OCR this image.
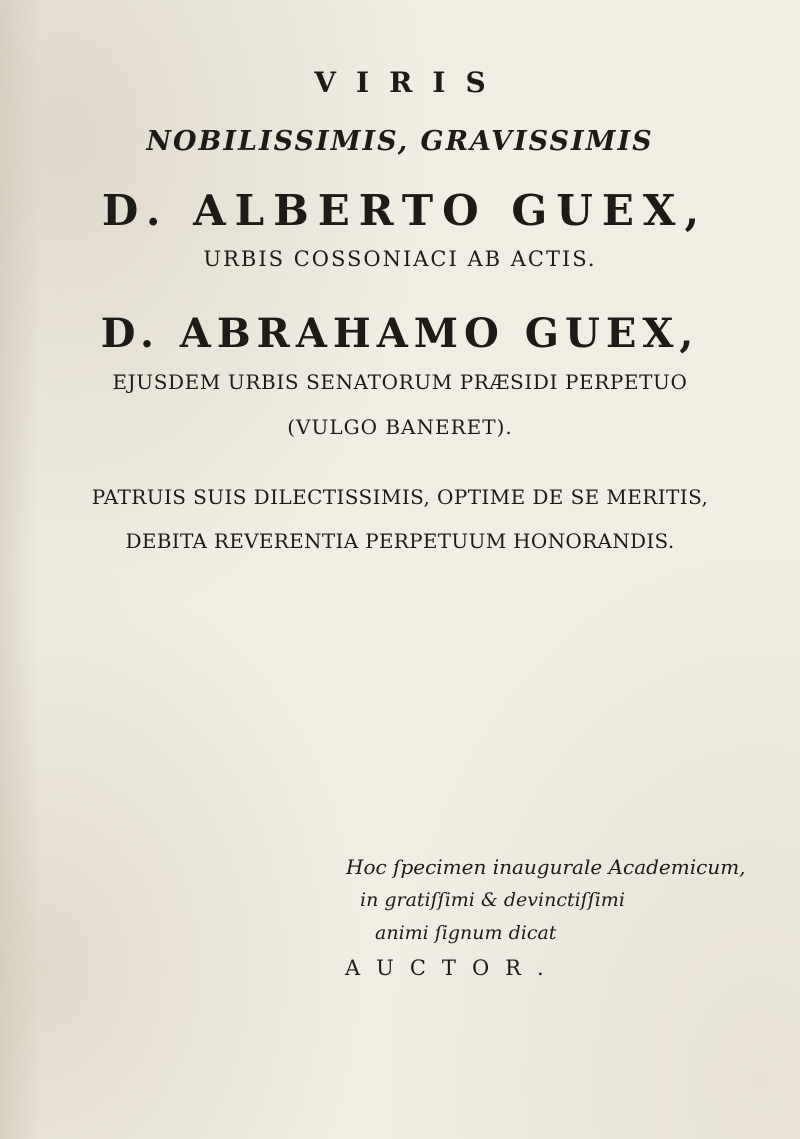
VIRIS
NOBILISSIMIS, GRAVISSIMIS
D. ALBERTO GUEX,
URBIS COSSONIACI AB ACTIS.
D. ABRAHAMO GUEX,
EJUSDEM URBIS SENATORUM PRÆSIDI PERPETUO
(VULGO BANERET).
PATRUIS SUIS DILECTISSIMIS, OPTIME DE SE MERITIS,
DEBITA REVERENTIA PERPETUUM HONORANDIS.
Hoc ſpecimen inaugurale Academicum,
in gratiſſimi & devinctiſſimi
animi ſignum dicat
AUCTOR.
